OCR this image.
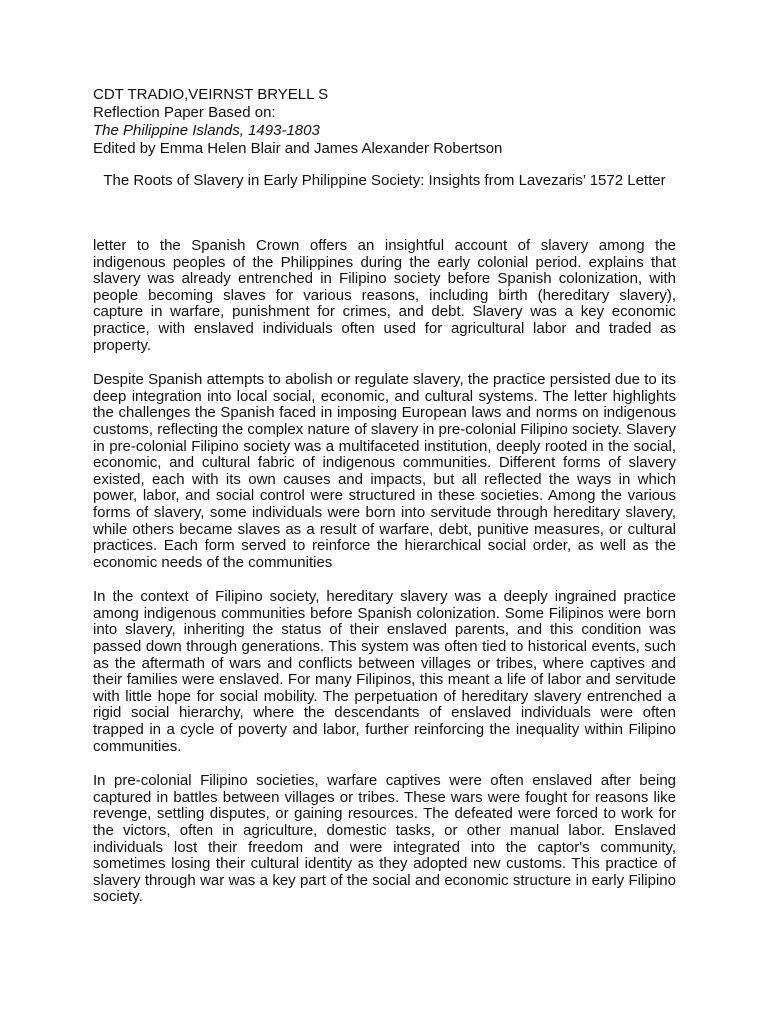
CDT TRADIO,VEIRNST BRYELL S
Reflection Paper Based on:
The Philippine Islands, 1493-1803
Edited by Emma Helen Blair and James Alexander Robertson
The Roots of Slavery in Early Philippine Society: Insights from Lavezaris’ 1572 Letter

letter to the Spanish Crown offers an insightful account of slavery among the indigenous peoples of the Philippines during the early colonial period. explains that slavery was already entrenched in Filipino society before Spanish colonization, with people becoming slaves for various reasons, including birth (hereditary slavery), capture in warfare, punishment for crimes, and debt. Slavery was a key economic practice, with enslaved individuals often used for agricultural labor and traded as property.

Despite Spanish attempts to abolish or regulate slavery, the practice persisted due to its deep integration into local social, economic, and cultural systems. The letter highlights the challenges the Spanish faced in imposing European laws and norms on indigenous customs, reflecting the complex nature of slavery in pre-colonial Filipino society. Slavery in pre-colonial Filipino society was a multifaceted institution, deeply rooted in the social, economic, and cultural fabric of indigenous communities. Different forms of slavery existed, each with its own causes and impacts, but all reflected the ways in which power, labor, and social control were structured in these societies. Among the various forms of slavery, some individuals were born into servitude through hereditary slavery, while others became slaves as a result of warfare, debt, punitive measures, or cultural practices. Each form served to reinforce the hierarchical social order, as well as the economic needs of the communities

In the context of Filipino society, hereditary slavery was a deeply ingrained practice among indigenous communities before Spanish colonization. Some Filipinos were born into slavery, inheriting the status of their enslaved parents, and this condition was passed down through generations. This system was often tied to historical events, such as the aftermath of wars and conflicts between villages or tribes, where captives and their families were enslaved. For many Filipinos, this meant a life of labor and servitude with little hope for social mobility. The perpetuation of hereditary slavery entrenched a rigid social hierarchy, where the descendants of enslaved individuals were often trapped in a cycle of poverty and labor, further reinforcing the inequality within Filipino communities.

In pre-colonial Filipino societies, warfare captives were often enslaved after being captured in battles between villages or tribes. These wars were fought for reasons like revenge, settling disputes, or gaining resources. The defeated were forced to work for the victors, often in agriculture, domestic tasks, or other manual labor. Enslaved individuals lost their freedom and were integrated into the captor's community, sometimes losing their cultural identity as they adopted new customs. This practice of slavery through war was a key part of the social and economic structure in early Filipino society.
